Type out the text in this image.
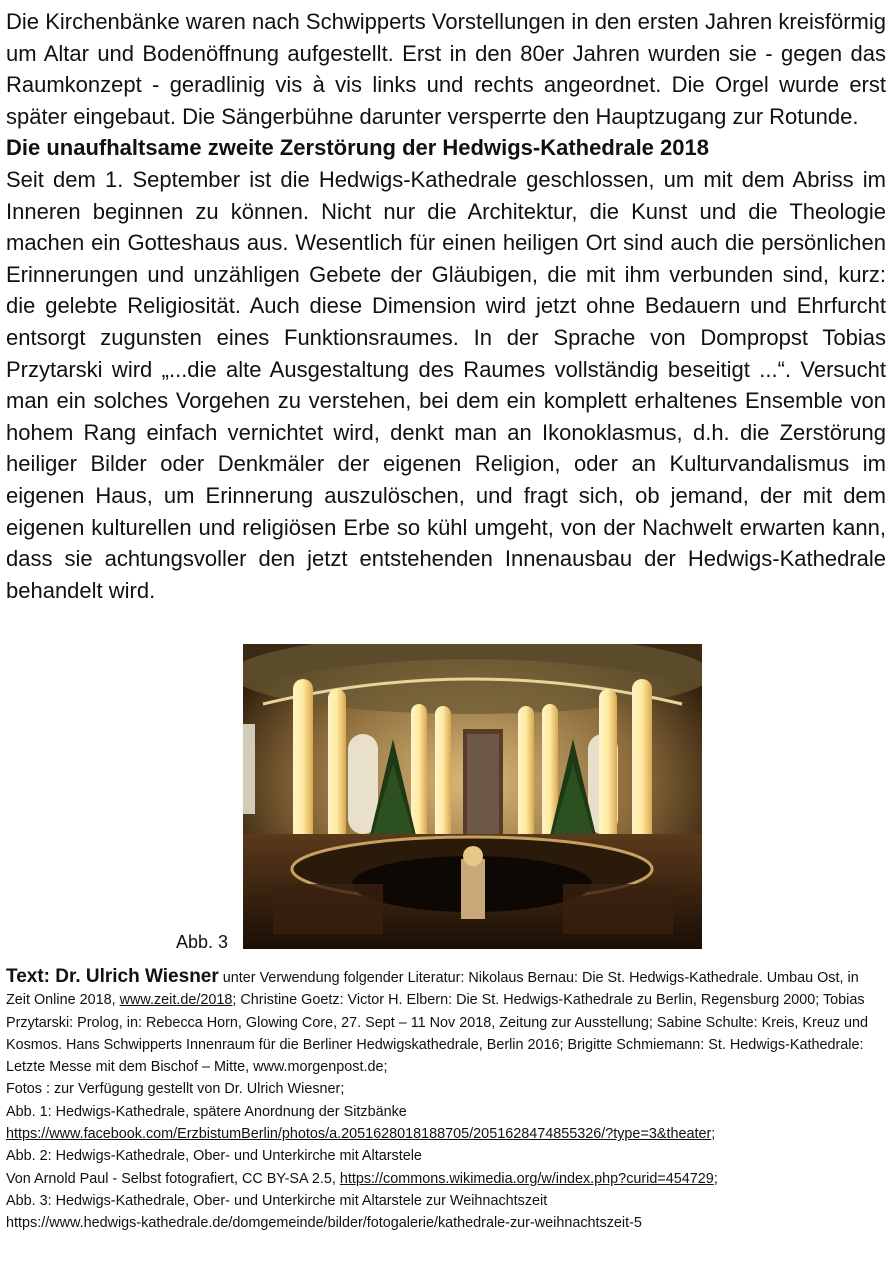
Die Kirchenbänke waren nach Schwipperts Vorstellungen in den ersten Jahren kreisförmig um Altar und Bodenöffnung aufgestellt. Erst in den 80er Jahren wurden sie - gegen das Raumkonzept - geradlinig vis à vis links und rechts angeordnet. Die Orgel wurde erst später eingebaut. Die Sängerbühne darunter versperrte den Hauptzugang zur Rotunde.

Die unaufhaltsame zweite Zerstörung der Hedwigs-Kathedrale 2018

Seit dem 1. September ist die Hedwigs-Kathedrale geschlossen, um mit dem Abriss im Inneren beginnen zu können. Nicht nur die Architektur, die Kunst und die Theologie machen ein Gotteshaus aus. Wesentlich für einen heiligen Ort sind auch die persönlichen Erinnerungen und unzähligen Gebete der Gläubigen, die mit ihm verbunden sind, kurz: die gelebte Religiosität. Auch diese Dimension wird jetzt ohne Bedauern und Ehrfurcht entsorgt zugunsten eines Funktionsraumes. In der Sprache von Dompropst Tobias Przytarski wird „...die alte Ausgestaltung des Raumes vollständig beseitigt ...“. Versucht man ein solches Vorgehen zu verstehen, bei dem ein komplett erhaltenes Ensemble von hohem Rang einfach vernichtet wird, denkt man an Ikonoklasmus, d.h. die Zerstörung heiliger Bilder oder Denkmäler der eigenen Religion, oder an Kulturvandalismus im eigenen Haus, um Erinnerung auszulöschen, und fragt sich, ob jemand, der mit dem eigenen kulturellen und religiösen Erbe so kühl umgeht, von der Nachwelt erwarten kann, dass sie achtungsvoller den jetzt entstehenden Innenausbau der Hedwigs-Kathedrale behandelt wird.

Abb. 3
Text: Dr. Ulrich Wiesner unter Verwendung folgender Literatur: Nikolaus Bernau: Die St. Hedwigs-Kathedrale. Umbau Ost, in Zeit Online 2018, www.zeit.de/2018; Christine Goetz: Victor H. Elbern: Die St. Hedwigs-Kathedrale zu Berlin, Regensburg 2000; Tobias Przytarski: Prolog, in: Rebecca Horn, Glowing Core, 27. Sept – 11 Nov 2018, Zeitung zur Ausstellung; Sabine Schulte: Kreis, Kreuz und Kosmos. Hans Schwipperts Innenraum für die Berliner Hedwigskathedrale, Berlin 2016; Brigitte Schmiemann: St. Hedwigs-Kathedrale: Letzte Messe mit dem Bischof – Mitte, www.morgenpost.de;
Fotos : zur Verfügung gestellt von Dr. Ulrich Wiesner;
Abb. 1: Hedwigs-Kathedrale, spätere Anordnung der Sitzbänke
https://www.facebook.com/ErzbistumBerlin/photos/a.2051628018188705/2051628474855326/?type=3&theater;
Abb. 2: Hedwigs-Kathedrale, Ober- und Unterkirche mit Altarstele
Von Arnold Paul - Selbst fotografiert, CC BY-SA 2.5, https://commons.wikimedia.org/w/index.php?curid=454729;
Abb. 3: Hedwigs-Kathedrale, Ober- und Unterkirche mit Altarstele zur Weihnachtszeit
https://www.hedwigs-kathedrale.de/domgemeinde/bilder/fotogalerie/kathedrale-zur-weihnachtszeit-5
